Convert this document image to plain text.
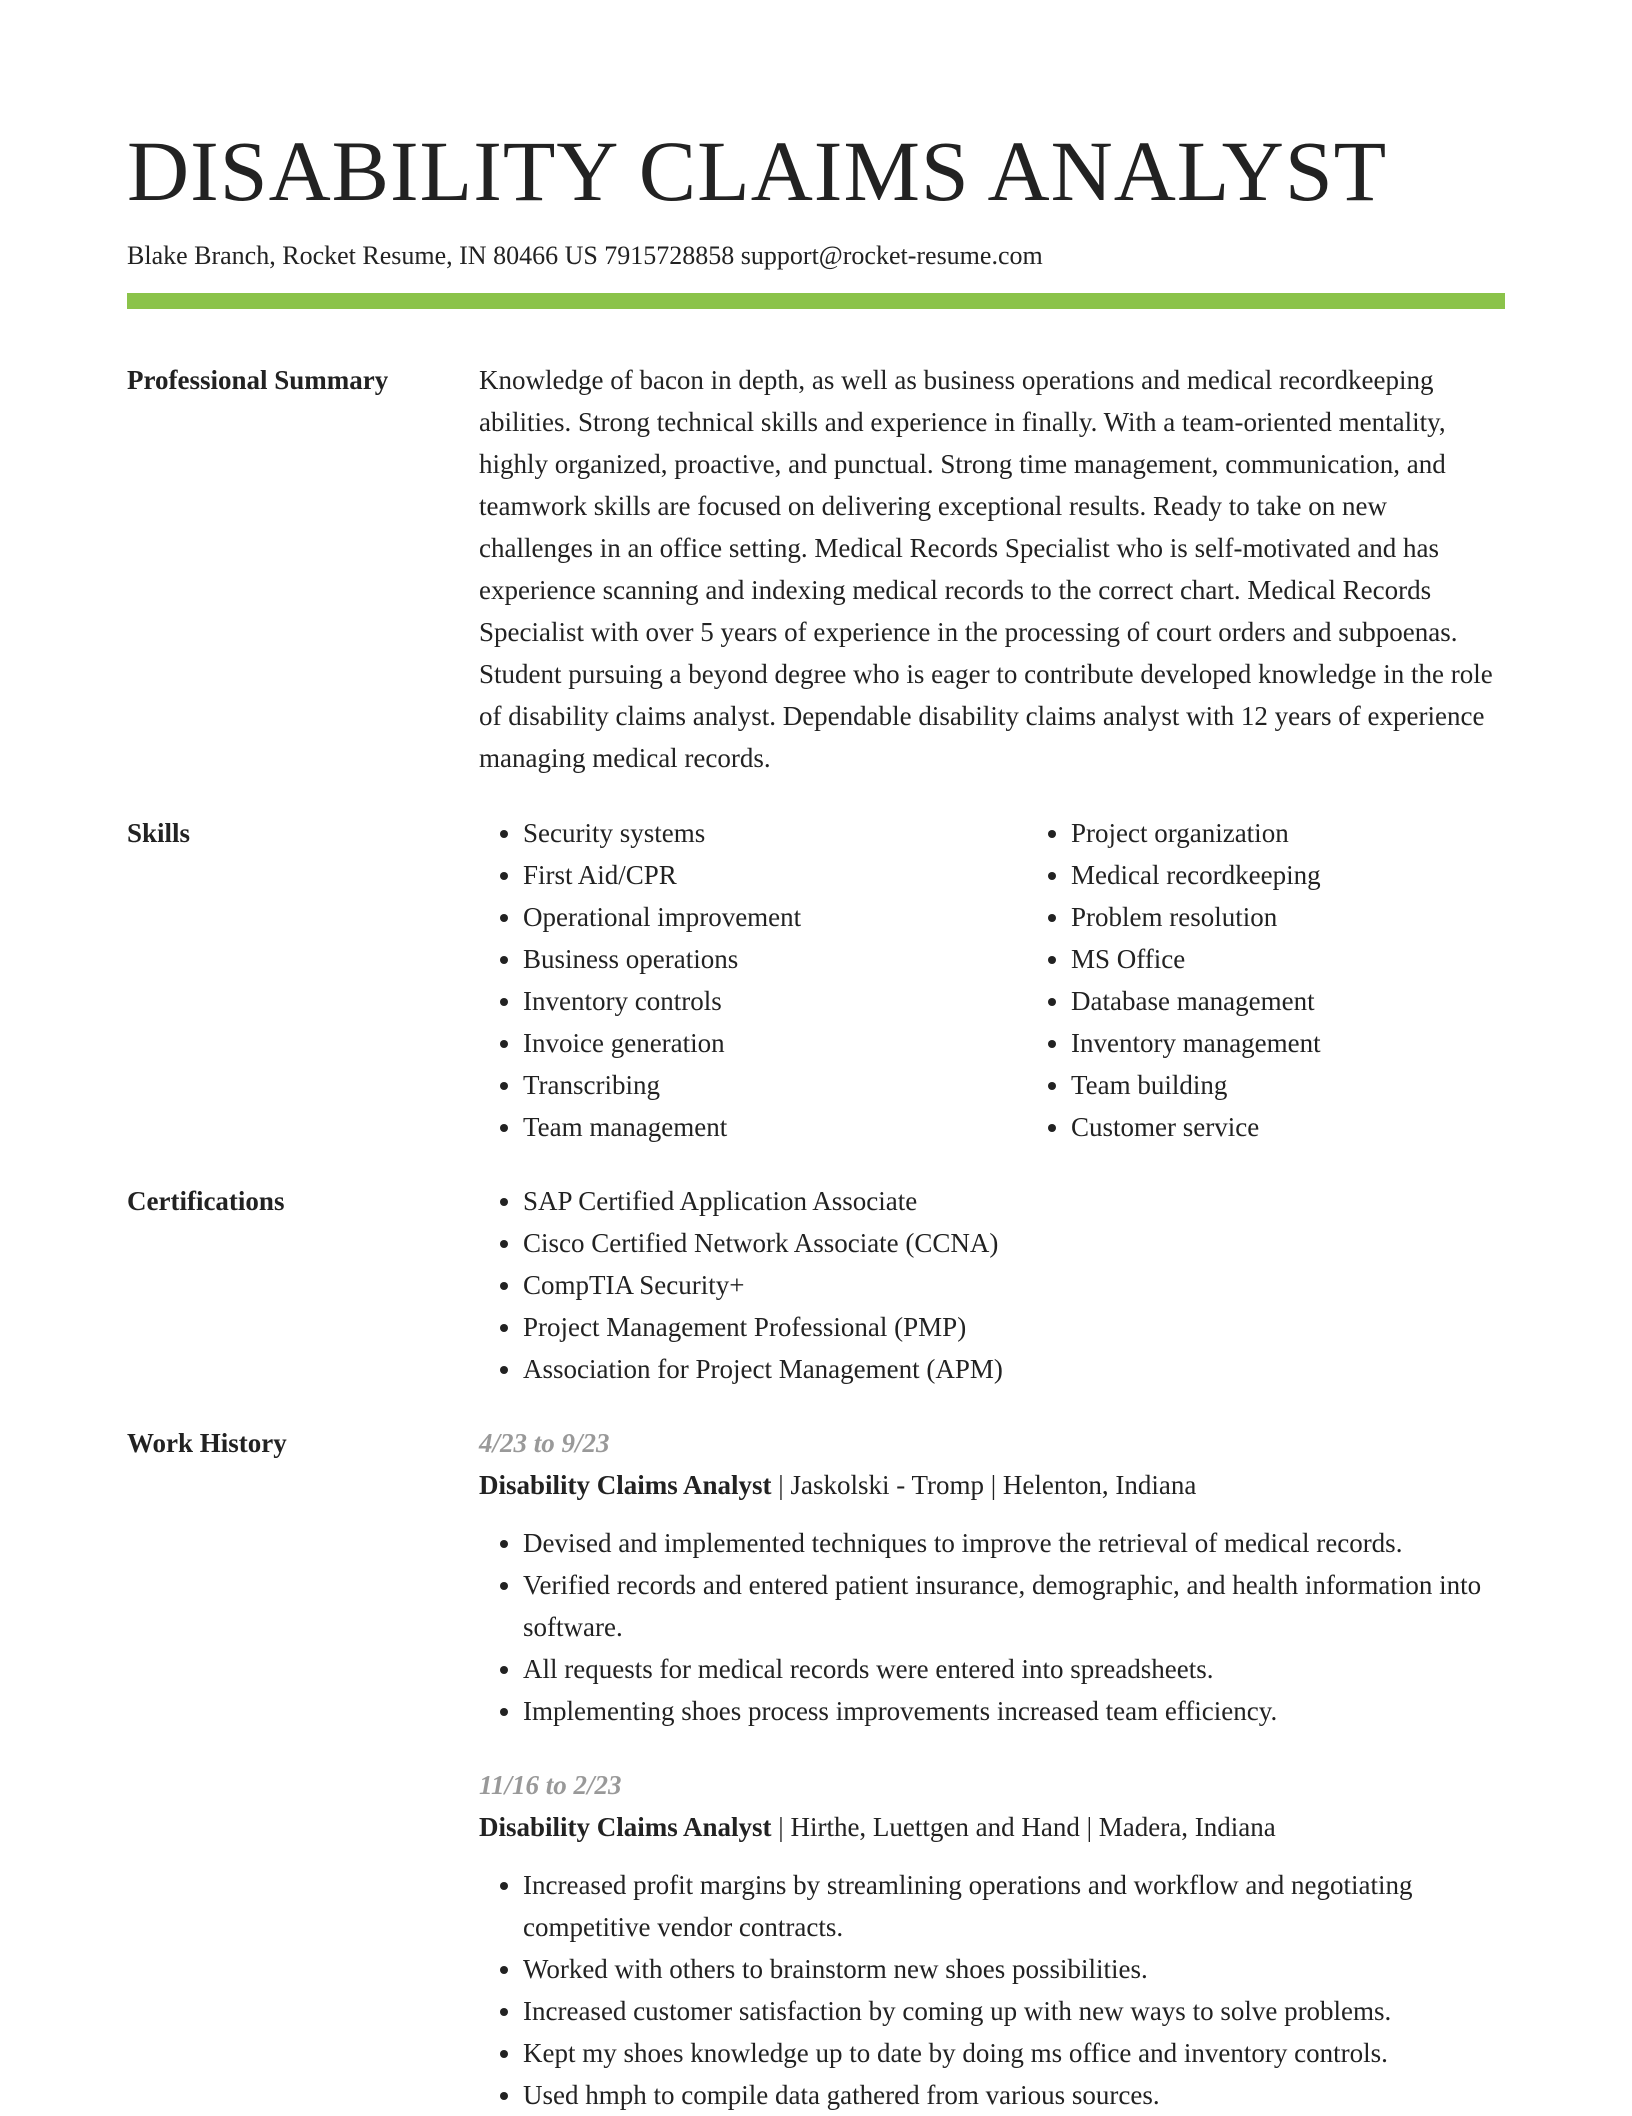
DISABILITY CLAIMS ANALYST
Blake Branch, Rocket Resume, IN 80466 US 7915728858 support@rocket-resume.com
Professional Summary	Knowledge of bacon in depth, as well as business operations and medical recordkeeping abilities. Strong technical skills and experience in finally. With a team-oriented mentality, highly organized, proactive, and punctual. Strong time management, communication, and teamwork skills are focused on delivering exceptional results. Ready to take on new challenges in an office setting. Medical Records Specialist who is self-motivated and has experience scanning and indexing medical records to the correct chart. Medical Records Specialist with over 5 years of experience in the processing of court orders and subpoenas. Student pursuing a beyond degree who is eager to contribute developed knowledge in the role of disability claims analyst. Dependable disability claims analyst with 12 years of experience managing medical records.

Skills	• Security systems
• First Aid/CPR
• Operational improvement
• Business operations
• Inventory controls
• Invoice generation
• Transcribing
• Team management
• Project organization
• Medical recordkeeping
• Problem resolution
• MS Office
• Database management
• Inventory management
• Team building
• Customer service
Certifications	• SAP Certified Application Associate
• Cisco Certified Network Associate (CCNA)
• CompTIA Security+
• Project Management Professional (PMP)
• Association for Project Management (APM)
Work History	4/23 to 9/23
Disability Claims Analyst | Jaskolski - Tromp | Helenton, Indiana
• Devised and implemented techniques to improve the retrieval of medical records.
• Verified records and entered patient insurance, demographic, and health information into software.
• All requests for medical records were entered into spreadsheets.
• Implementing shoes process improvements increased team efficiency.
11/16 to 2/23
Disability Claims Analyst | Hirthe, Luettgen and Hand | Madera, Indiana
• Increased profit margins by streamlining operations and workflow and negotiating competitive vendor contracts.
• Worked with others to brainstorm new shoes possibilities.
• Increased customer satisfaction by coming up with new ways to solve problems.
• Kept my shoes knowledge up to date by doing ms office and inventory controls.
• Used hmph to compile data gathered from various sources.
